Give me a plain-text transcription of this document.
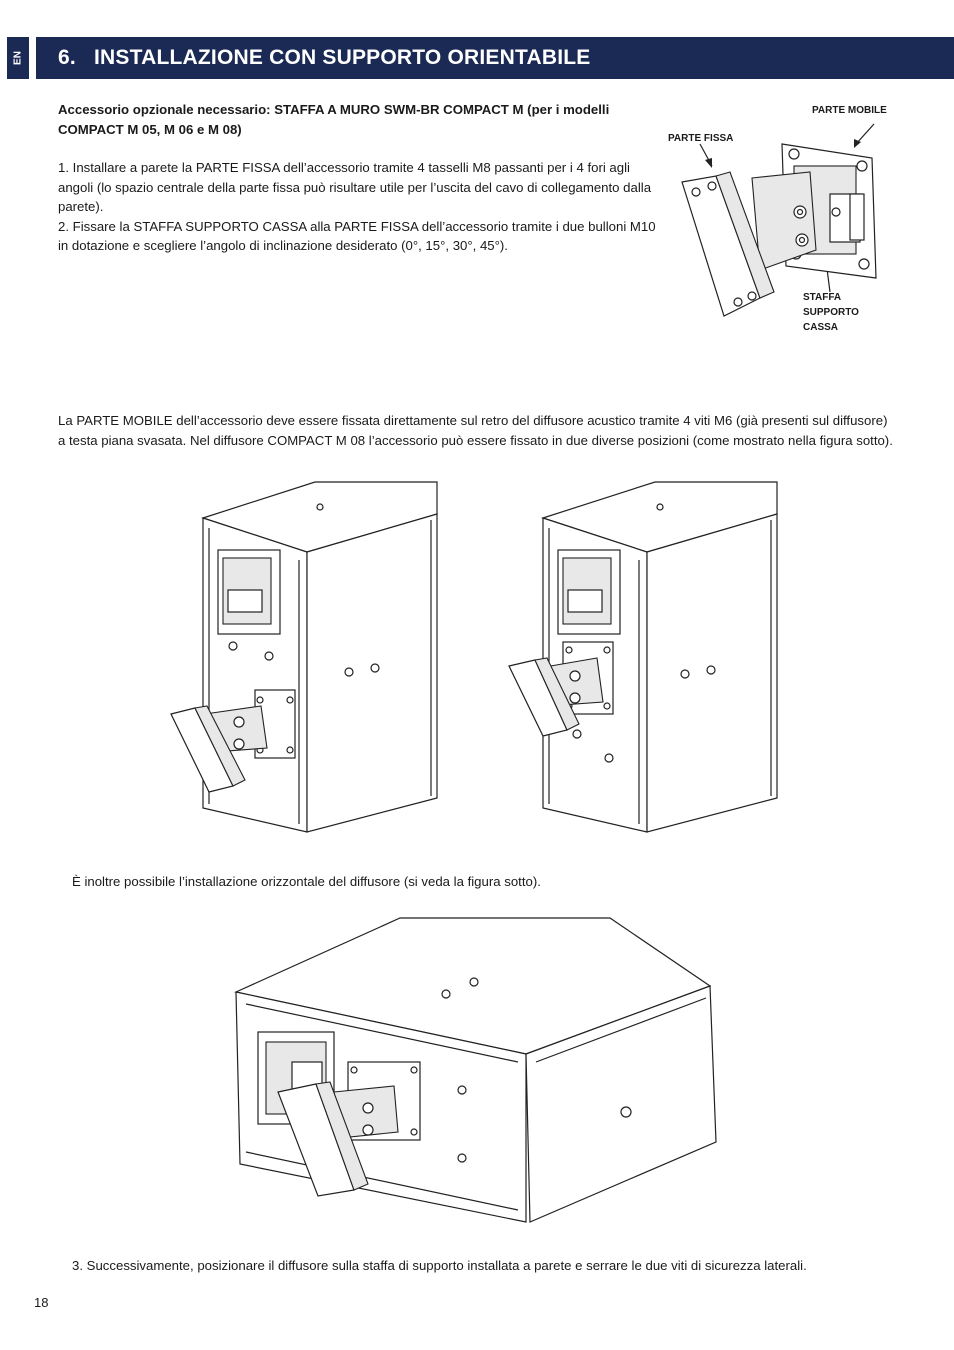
EN 6.   INSTALLAZIONE CON SUPPORTO ORIENTABILE

Accessorio opzionale necessario: STAFFA A MURO SWM-BR COMPACT M (per i modelli COMPACT M 05, M 06 e M 08)

1. Installare a parete la PARTE FISSA dell’accessorio tramite 4 tasselli M8 passanti per i 4 fori agli angoli (lo spazio centrale della parte fissa può risultare utile per l’uscita del cavo di collegamento dalla parete).

2. Fissare la STAFFA SUPPORTO CASSA alla PARTE FISSA dell’accessorio tramite i due bulloni M10 in dotazione e scegliere l’angolo di inclinazione desiderato (0°, 15°, 30°, 45°).

PARTE MOBILE
PARTE FISSA
STAFFA
SUPPORTO
CASSA

La PARTE MOBILE dell’accessorio deve essere fissata direttamente sul retro del diffusore acustico tramite 4 viti M6 (già presenti sul diffusore) a testa piana svasata. Nel diffusore COMPACT M 08 l’accessorio può essere fissato in due diverse posizioni (come mostrato nella figura sotto).

È inoltre possibile l’installazione orizzontale del diffusore (si veda la figura sotto).

3. Successivamente, posizionare il diffusore sulla staffa di supporto installata a parete e serrare le due viti di sicurezza laterali.

18
